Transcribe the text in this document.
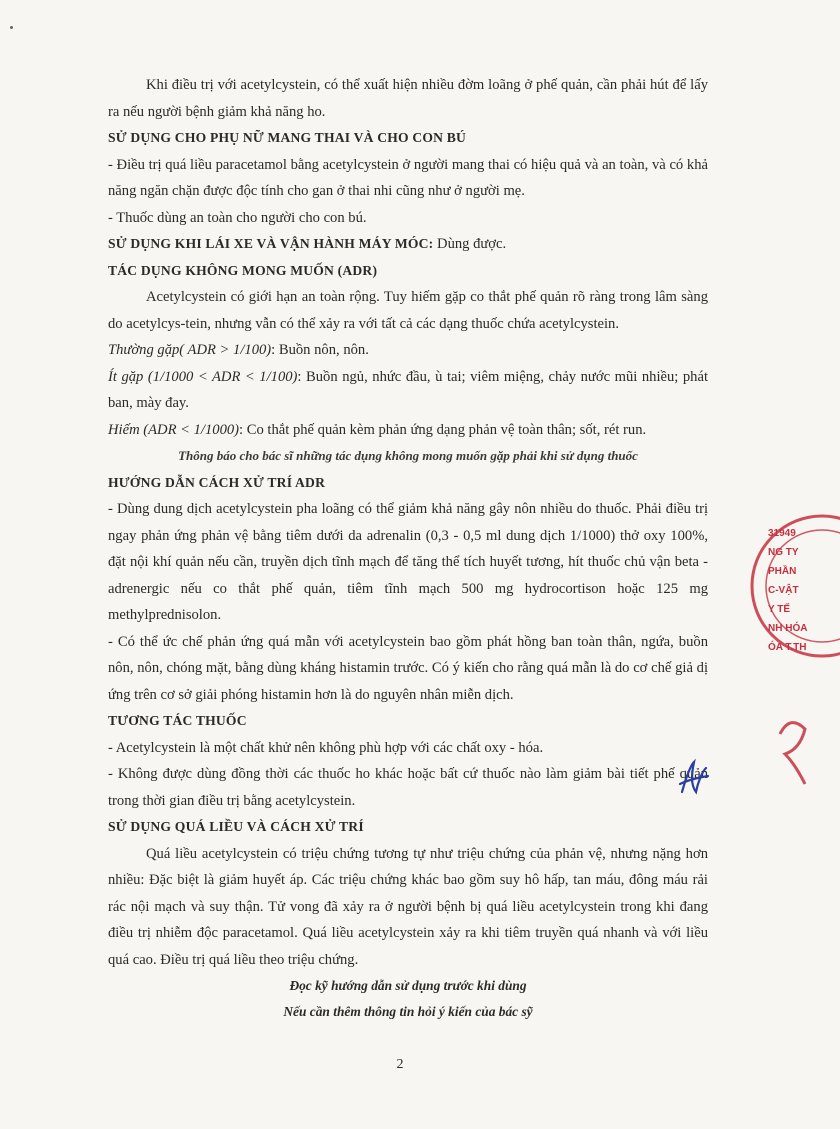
Khi điều trị với acetylcystein, có thể xuất hiện nhiều đờm loãng ở phế quản, cần phải hút để lấy ra nếu người bệnh giảm khả năng ho.

SỬ DỤNG CHO PHỤ NỮ MANG THAI VÀ CHO CON BÚ

- Điều trị quá liều paracetamol bằng acetylcystein ở người mang thai có hiệu quả và an toàn, và có khả năng ngăn chặn được độc tính cho gan ở thai nhi cũng như ở người mẹ.

- Thuốc dùng an toàn cho người cho con bú.

SỬ DỤNG KHI LÁI XE VÀ VẬN HÀNH MÁY MÓC: Dùng được.

TÁC DỤNG KHÔNG MONG MUỐN (ADR)

Acetylcystein có giới hạn an toàn rộng. Tuy hiếm gặp co thắt phế quản rõ ràng trong lâm sàng do acetylcys-tein, nhưng vẫn có thể xảy ra với tất cả các dạng thuốc chứa acetylcystein.

Thường gặp( ADR > 1/100): Buồn nôn, nôn.

Ít gặp (1/1000 < ADR < 1/100): Buồn ngủ, nhức đầu, ù tai; viêm miệng, chảy nước mũi nhiều; phát ban, mày đay.

Hiếm (ADR < 1/1000): Co thắt phế quản kèm phản ứng dạng phản vệ toàn thân; sốt, rét run.

Thông báo cho bác sĩ những tác dụng không mong muốn gặp phải khi sử dụng thuốc

HƯỚNG DẪN CÁCH XỬ TRÍ ADR

- Dùng dung dịch acetylcystein pha loãng có thể giảm khả năng gây nôn nhiều do thuốc. Phải điều trị ngay phản ứng phản vệ bằng tiêm dưới da adrenalin (0,3 - 0,5 ml dung dịch 1/1000) thở oxy 100%, đặt nội khí quản nếu cần, truyền dịch tĩnh mạch để tăng thể tích huyết tương, hít thuốc chủ vận beta - adrenergic nếu co thắt phế quản, tiêm tĩnh mạch 500 mg hydrocortison hoặc 125 mg methylprednisolon.

- Có thể ức chế phản ứng quá mẫn với acetylcystein bao gồm phát hồng ban toàn thân, ngứa, buồn nôn, nôn, chóng mặt, bằng dùng kháng histamin trước. Có ý kiến cho rằng quá mẫn là do cơ chế giả dị ứng trên cơ sở giải phóng histamin hơn là do nguyên nhân miễn dịch.

TƯƠNG TÁC THUỐC

- Acetylcystein là một chất khử nên không phù hợp với các chất oxy - hóa.

- Không được dùng đồng thời các thuốc ho khác hoặc bất cứ thuốc nào làm giảm bài tiết phế quản trong thời gian điều trị bằng acetylcystein.

SỬ DỤNG QUÁ LIỀU VÀ CÁCH XỬ TRÍ

Quá liều acetylcystein có triệu chứng tương tự như triệu chứng của phản vệ, nhưng nặng hơn nhiều: Đặc biệt là giảm huyết áp. Các triệu chứng khác bao gồm suy hô hấp, tan máu, đông máu rải rác nội mạch và suy thận. Tử vong đã xảy ra ở người bệnh bị quá liều acetylcystein trong khi đang điều trị nhiễm độc paracetamol. Quá liều acetylcystein xảy ra khi tiêm truyền quá nhanh và với liều quá cao. Điều trị quá liều theo triệu chứng.

Đọc kỹ hướng dẫn sử dụng trước khi dùng

Nếu cần thêm thông tin hỏi ý kiến của bác sỹ

2
31949
NG TY
PHẦN
C-VẬT
Y TẾ
NH HÓA
ÓA T.TH
